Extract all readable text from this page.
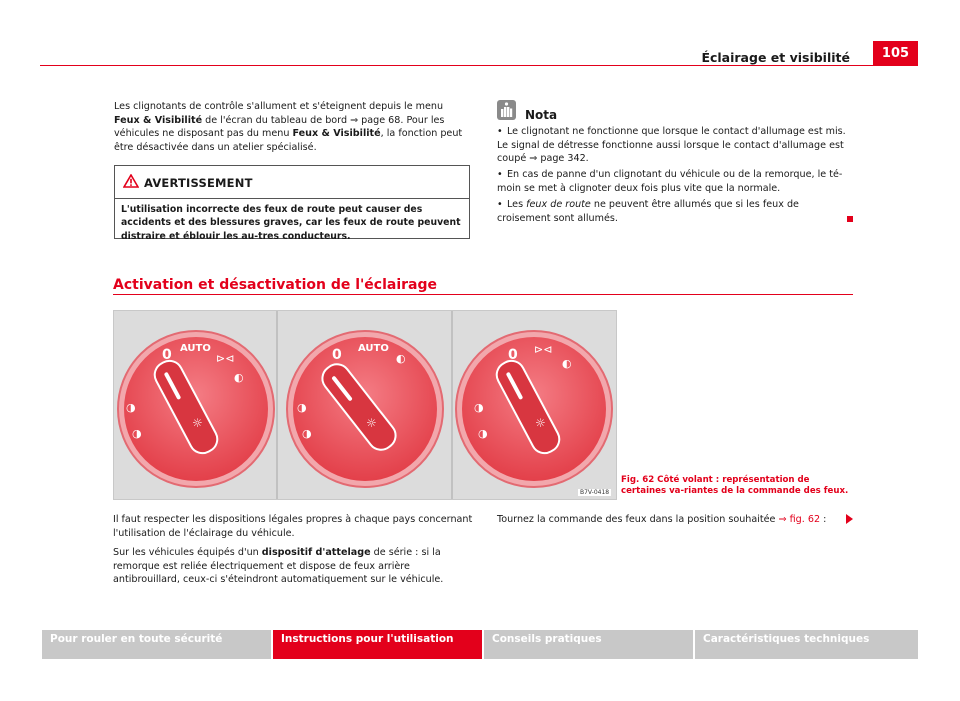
Éclairage et visibilité	105
Les clignotants de contrôle s'allument et s'éteignent depuis le menu Feux & Visibilité de l'écran du tableau de bord ⇒ page 68. Pour les véhicules ne disposant pas du menu Feux & Visibilité, la fonction peut être désactivée dans un atelier spécialisé.
AVERTISSEMENT
L'utilisation incorrecte des feux de route peut causer des accidents et des blessures graves, car les feux de route peuvent distraire et éblouir les au-tres conducteurs.
Nota
• Le clignotant ne fonctionne que lorsque le contact d'allumage est mis. Le signal de détresse fonctionne aussi lorsque le contact d'allumage est coupé ⇒ page 342.
• En cas de panne d'un clignotant du véhicule ou de la remorque, le té-moin se met à clignoter deux fois plus vite que la normale.
• Les feux de route ne peuvent être allumés que si les feux de croisement sont allumés.
Activation et désactivation de l'éclairage
0 AUTO
⊳⊲
◐
◑
◑
☼
0 AUTO
◐
◑
◑
☼
0 ⊳⊲
◐
◑
◑
☼
B7V-0418
Fig. 62 Côté volant : représentation de certaines va-riantes de la commande des feux.
Il faut respecter les dispositions légales propres à chaque pays concernant l'utilisation de l'éclairage du véhicule.
Sur les véhicules équipés d'un dispositif d'attelage de série : si la remorque est reliée électriquement et dispose de feux arrière antibrouillard, ceux-ci s'éteindront automatiquement sur le véhicule.
Tournez la commande des feux dans la position souhaitée ⇒ fig. 62 :
Pour rouler en toute sécurité	Instructions pour l'utilisation	Conseils pratiques	Caractéristiques techniques
